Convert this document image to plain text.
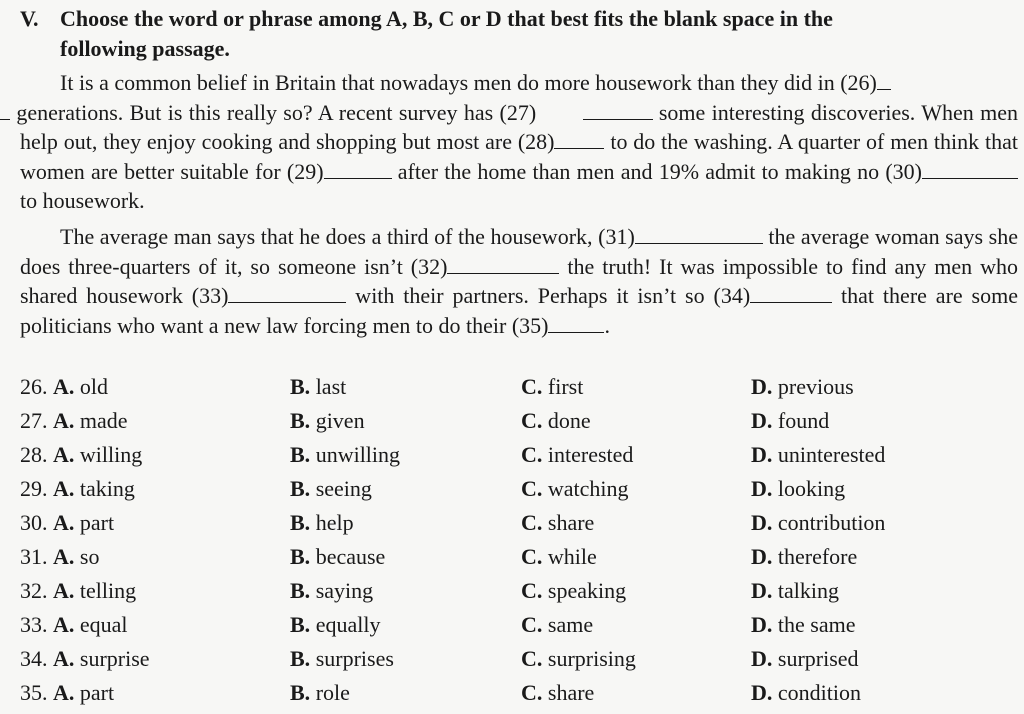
V. Choose the word or phrase among A, B, C or D that best fits the blank space in the
following passage.
It is a common belief in Britain that nowadays men do more housework than they did in (26)
generations. But is this really so? A recent survey has (27)	some interesting discoveries. When men help out, they enjoy cooking and shopping but most are (28) to do the washing. A quarter of men think that women are better suitable for (29)	after the home than men and 19% admit to making no (30) to housework.
The average man says that he does a third of the housework, (31)	the average woman says she does three-quarters of it, so someone isn’t (32)	the truth! It was impossible to find any men who shared housework (33)	with their partners. Perhaps it isn’t so (34)	that there are some politicians who want a new law forcing men to do their (35)	.
26. A. old	B. last	C. first	D. previous
27. A. made	B. given	C. done	D. found
28. A. willing	B. unwilling	C. interested	D. uninterested
29. A. taking	B. seeing	C. watching	D. looking
30. A. part	B. help	C. share	D. contribution
31. A. so	B. because	C. while	D. therefore
32. A. telling	B. saying	C. speaking	D. talking
33. A. equal	B. equally	C. same	D. the same
34. A. surprise	B. surprises	C. surprising	D. surprised
35. A. part	B. role	C. share	D. condition
